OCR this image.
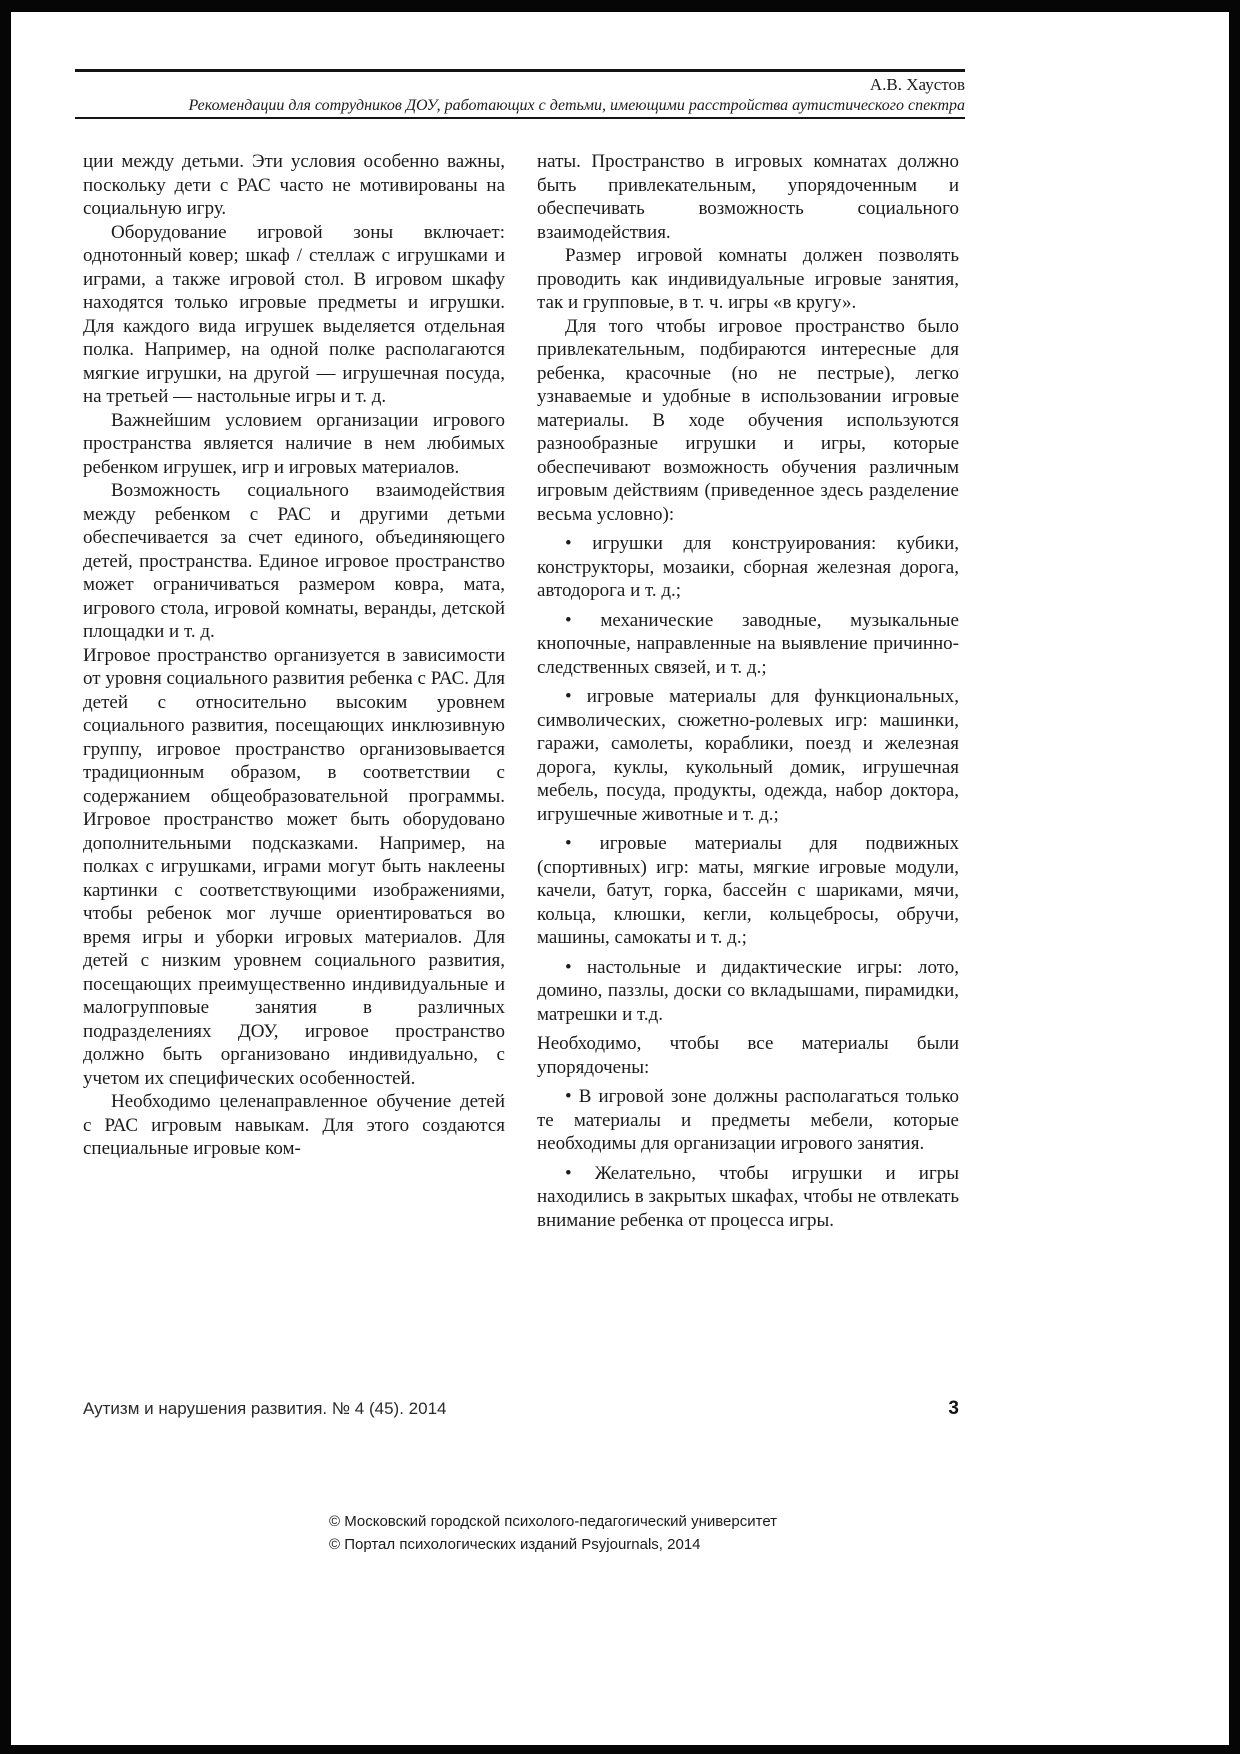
А.В. Хаустов
Рекомендации для сотрудников ДОУ, работающих с детьми, имеющими расстройства аутистического спектра

ции между детьми. Эти условия особенно важны, поскольку дети с РАС часто не мотивированы на социальную игру.

Оборудование игровой зоны включает: однотонный ковер; шкаф / стеллаж с игрушками и играми, а также игровой стол. В игровом шкафу находятся только игровые предметы и игрушки. Для каждого вида игрушек выделяется отдельная полка. Например, на одной полке располагаются мягкие игрушки, на другой — игрушечная посуда, на третьей — настольные игры и т. д.

Важнейшим условием организации игрового пространства является наличие в нем любимых ребенком игрушек, игр и игровых материалов.

Возможность социального взаимодействия между ребенком с РАС и другими детьми обеспечивается за счет единого, объединяющего детей, пространства. Единое игровое пространство может ограничиваться размером ковра, мата, игрового стола, игровой комнаты, веранды, детской площадки и т. д.

Игровое пространство организуется в зависимости от уровня социального развития ребенка с РАС. Для детей с относительно высоким уровнем социального развития, посещающих инклюзивную группу, игровое пространство организовывается традиционным образом, в соответствии с содержанием общеобразовательной программы. Игровое пространство может быть оборудовано дополнительными подсказками. Например, на полках с игрушками, играми могут быть наклеены картинки с соответствующими изображениями, чтобы ребенок мог лучше ориентироваться во время игры и уборки игровых материалов. Для детей с низким уровнем социального развития, посещающих преимущественно индивидуальные и малогрупповые занятия в различных подразделениях ДОУ, игровое пространство должно быть организовано индивидуально, с учетом их специфических особенностей.

Необходимо целенаправленное обучение детей с РАС игровым навыкам. Для этого создаются специальные игровые ком-

наты. Пространство в игровых комнатах должно быть привлекательным, упорядоченным и обеспечивать возможность социального взаимодействия.

Размер игровой комнаты должен позволять проводить как индивидуальные игровые занятия, так и групповые, в т. ч. игры «в кругу».

Для того чтобы игровое пространство было привлекательным, подбираются интересные для ребенка, красочные (но не пестрые), легко узнаваемые и удобные в использовании игровые материалы. В ходе обучения используются разнообразные игрушки и игры, которые обеспечивают возможность обучения различным игровым действиям (приведенное здесь разделение весьма условно):

• игрушки для конструирования: кубики, конструкторы, мозаики, сборная железная дорога, автодорога и т. д.;

• механические заводные, музыкальные кнопочные, направленные на выявление причинно-следственных связей, и т. д.;

• игровые материалы для функциональных, символических, сюжетно-ролевых игр: машинки, гаражи, самолеты, кораблики, поезд и железная дорога, куклы, кукольный домик, игрушечная мебель, посуда, продукты, одежда, набор доктора, игрушечные животные и т. д.;

• игровые материалы для подвижных (спортивных) игр: маты, мягкие игровые модули, качели, батут, горка, бассейн с шариками, мячи, кольца, клюшки, кегли, кольцебросы, обручи, машины, самокаты и т. д.;

• настольные и дидактические игры: лото, домино, паззлы, доски со вкладышами, пирамидки, матрешки и т.д.

Необходимо, чтобы все материалы были упорядочены:

• В игровой зоне должны располагаться только те материалы и предметы мебели, которые необходимы для организации игрового занятия.

• Желательно, чтобы игрушки и игры находились в закрытых шкафах, чтобы не отвлекать внимание ребенка от процесса игры.

Аутизм и нарушения развития. № 4 (45). 2014	3
© Московский городской психолого-педагогический университет
© Портал психологических изданий Psyjournals, 2014
